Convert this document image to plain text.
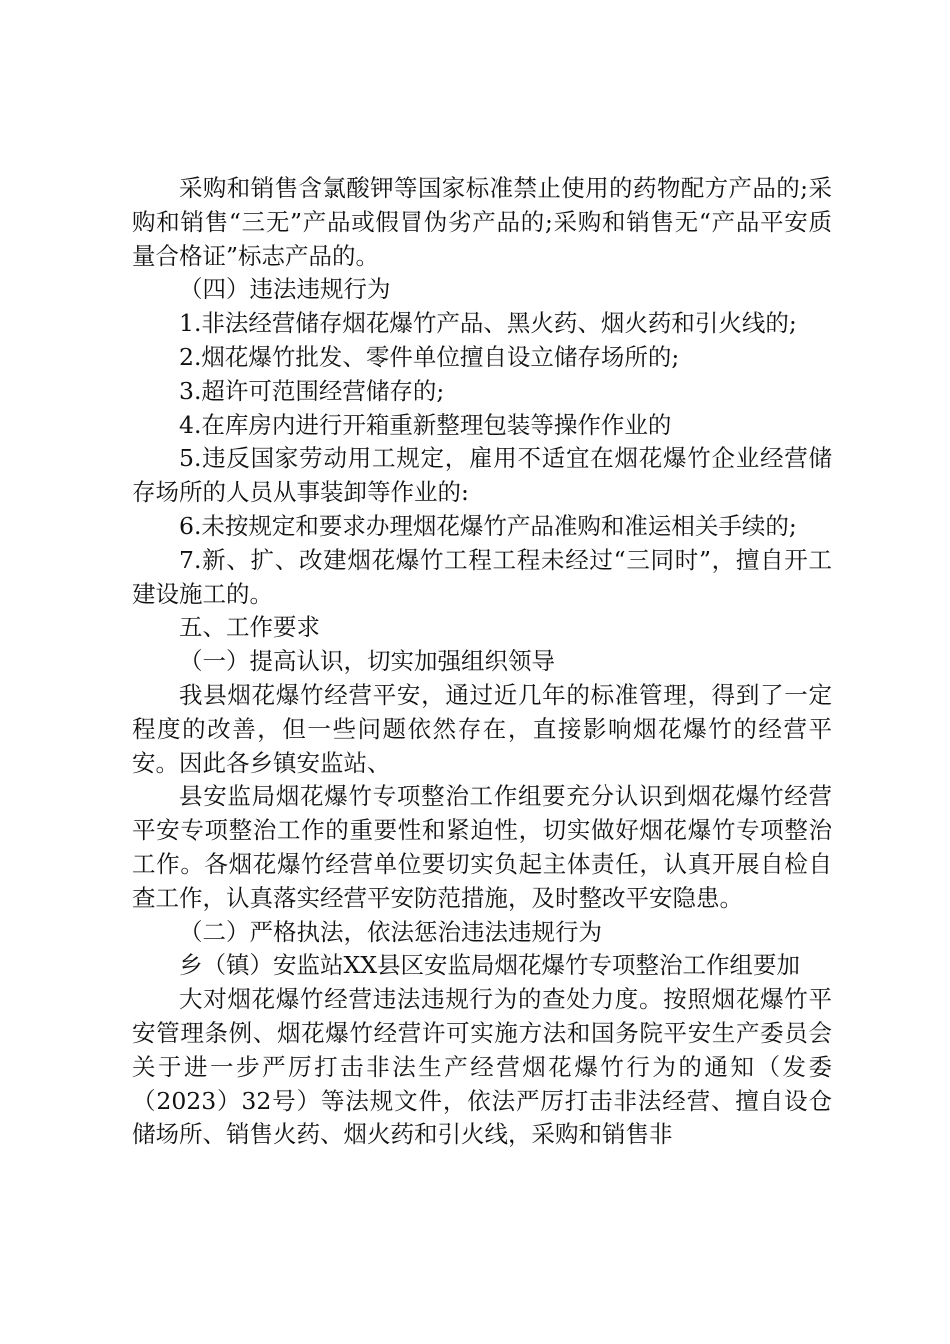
采购和销售含氯酸钾等国家标准禁止使用的药物配方产品的;采购和销售“三无”产品或假冒伪劣产品的;采购和销售无“产品平安质量合格证”标志产品的。

（四）违法违规行为

1.非法经营储存烟花爆竹产品、黑火药、烟火药和引火线的;

2.烟花爆竹批发、零件单位擅自设立储存场所的;

3.超许可范围经营储存的;

4.在库房内进行开箱重新整理包装等操作作业的

5.违反国家劳动用工规定，雇用不适宜在烟花爆竹企业经营储存场所的人员从事装卸等作业的:

6.未按规定和要求办理烟花爆竹产品准购和准运相关手续的;

7.新、扩、改建烟花爆竹工程工程未经过“三同时”，擅自开工建设施工的。

五、工作要求

（一）提高认识，切实加强组织领导

我县烟花爆竹经营平安，通过近几年的标准管理，得到了一定程度的改善，但一些问题依然存在，直接影响烟花爆竹的经营平安。因此各乡镇安监站、

县安监局烟花爆竹专项整治工作组要充分认识到烟花爆竹经营平安专项整治工作的重要性和紧迫性，切实做好烟花爆竹专项整治工作。各烟花爆竹经营单位要切实负起主体责任，认真开展自检自查工作，认真落实经营平安防范措施，及时整改平安隐患。

（二）严格执法，依法惩治违法违规行为

乡（镇）安监站XX县区安监局烟花爆竹专项整治工作组要加

大对烟花爆竹经营违法违规行为的查处力度。按照烟花爆竹平安管理条例、烟花爆竹经营许可实施方法和国务院平安生产委员会关于进一步严厉打击非法生产经营烟花爆竹行为的通知（发委（2023）32号）等法规文件，依法严厉打击非法经营、擅自设仓储场所、销售火药、烟火药和引火线，采购和销售非
